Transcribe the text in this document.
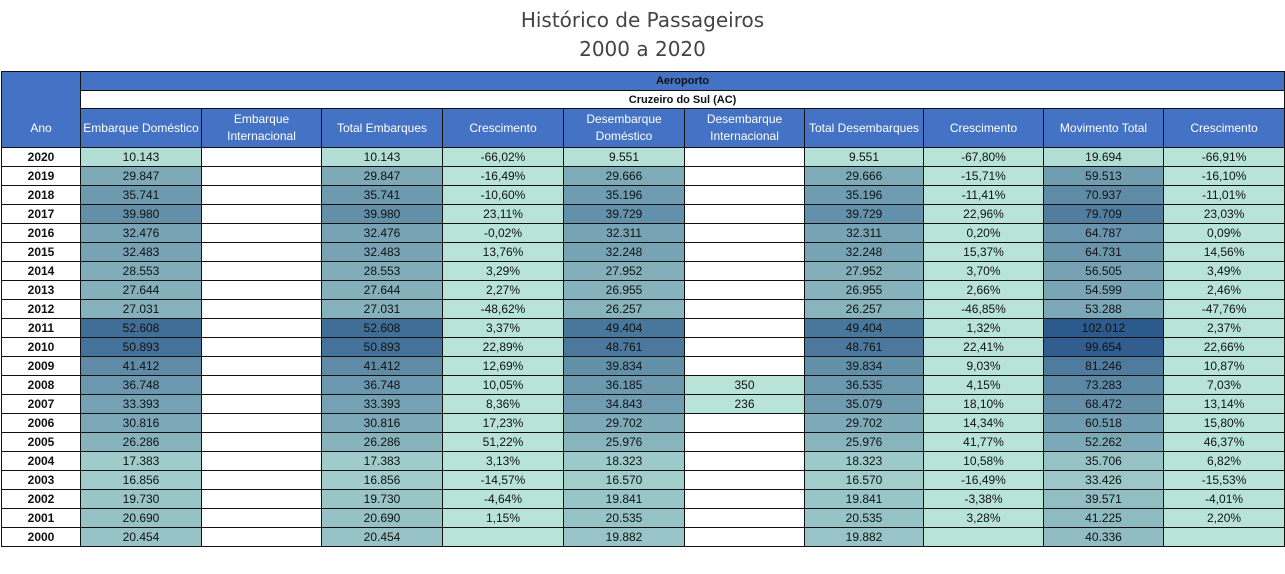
Histórico de Passageiros
2000 a 2020
Ano	Aeroporto									
	Cruzeiro do Sul (AC)									
	Embarque Doméstico	Embarque Internacional	Total Embarques	Crescimento	Desembarque Doméstico	Desembarque Internacional	Total Desembarques	Crescimento	Movimento Total	Crescimento
2020	10.143		10.143	-66,02%	9.551		9.551	-67,80%	19.694	-66,91%
2019	29.847		29.847	-16,49%	29.666		29.666	-15,71%	59.513	-16,10%
2018	35.741		35.741	-10,60%	35.196		35.196	-11,41%	70.937	-11,01%
2017	39.980		39.980	23,11%	39.729		39.729	22,96%	79.709	23,03%
2016	32.476		32.476	-0,02%	32.311		32.311	0,20%	64.787	0,09%
2015	32.483		32.483	13,76%	32.248		32.248	15,37%	64.731	14,56%
2014	28.553		28.553	3,29%	27.952		27.952	3,70%	56.505	3,49%
2013	27.644		27.644	2,27%	26.955		26.955	2,66%	54.599	2,46%
2012	27.031		27.031	-48,62%	26.257		26.257	-46,85%	53.288	-47,76%
2011	52.608		52.608	3,37%	49.404		49.404	1,32%	102.012	2,37%
2010	50.893		50.893	22,89%	48.761		48.761	22,41%	99.654	22,66%
2009	41.412		41.412	12,69%	39.834		39.834	9,03%	81.246	10,87%
2008	36.748		36.748	10,05%	36.185	350	36.535	4,15%	73.283	7,03%
2007	33.393		33.393	8,36%	34.843	236	35.079	18,10%	68.472	13,14%
2006	30.816		30.816	17,23%	29.702		29.702	14,34%	60.518	15,80%
2005	26.286		26.286	51,22%	25.976		25.976	41,77%	52.262	46,37%
2004	17.383		17.383	3,13%	18.323		18.323	10,58%	35.706	6,82%
2003	16.856		16.856	-14,57%	16.570		16.570	-16,49%	33.426	-15,53%
2002	19.730		19.730	-4,64%	19.841		19.841	-3,38%	39.571	-4,01%
2001	20.690		20.690	1,15%	20.535		20.535	3,28%	41.225	2,20%
2000	20.454		20.454		19.882		19.882		40.336	
